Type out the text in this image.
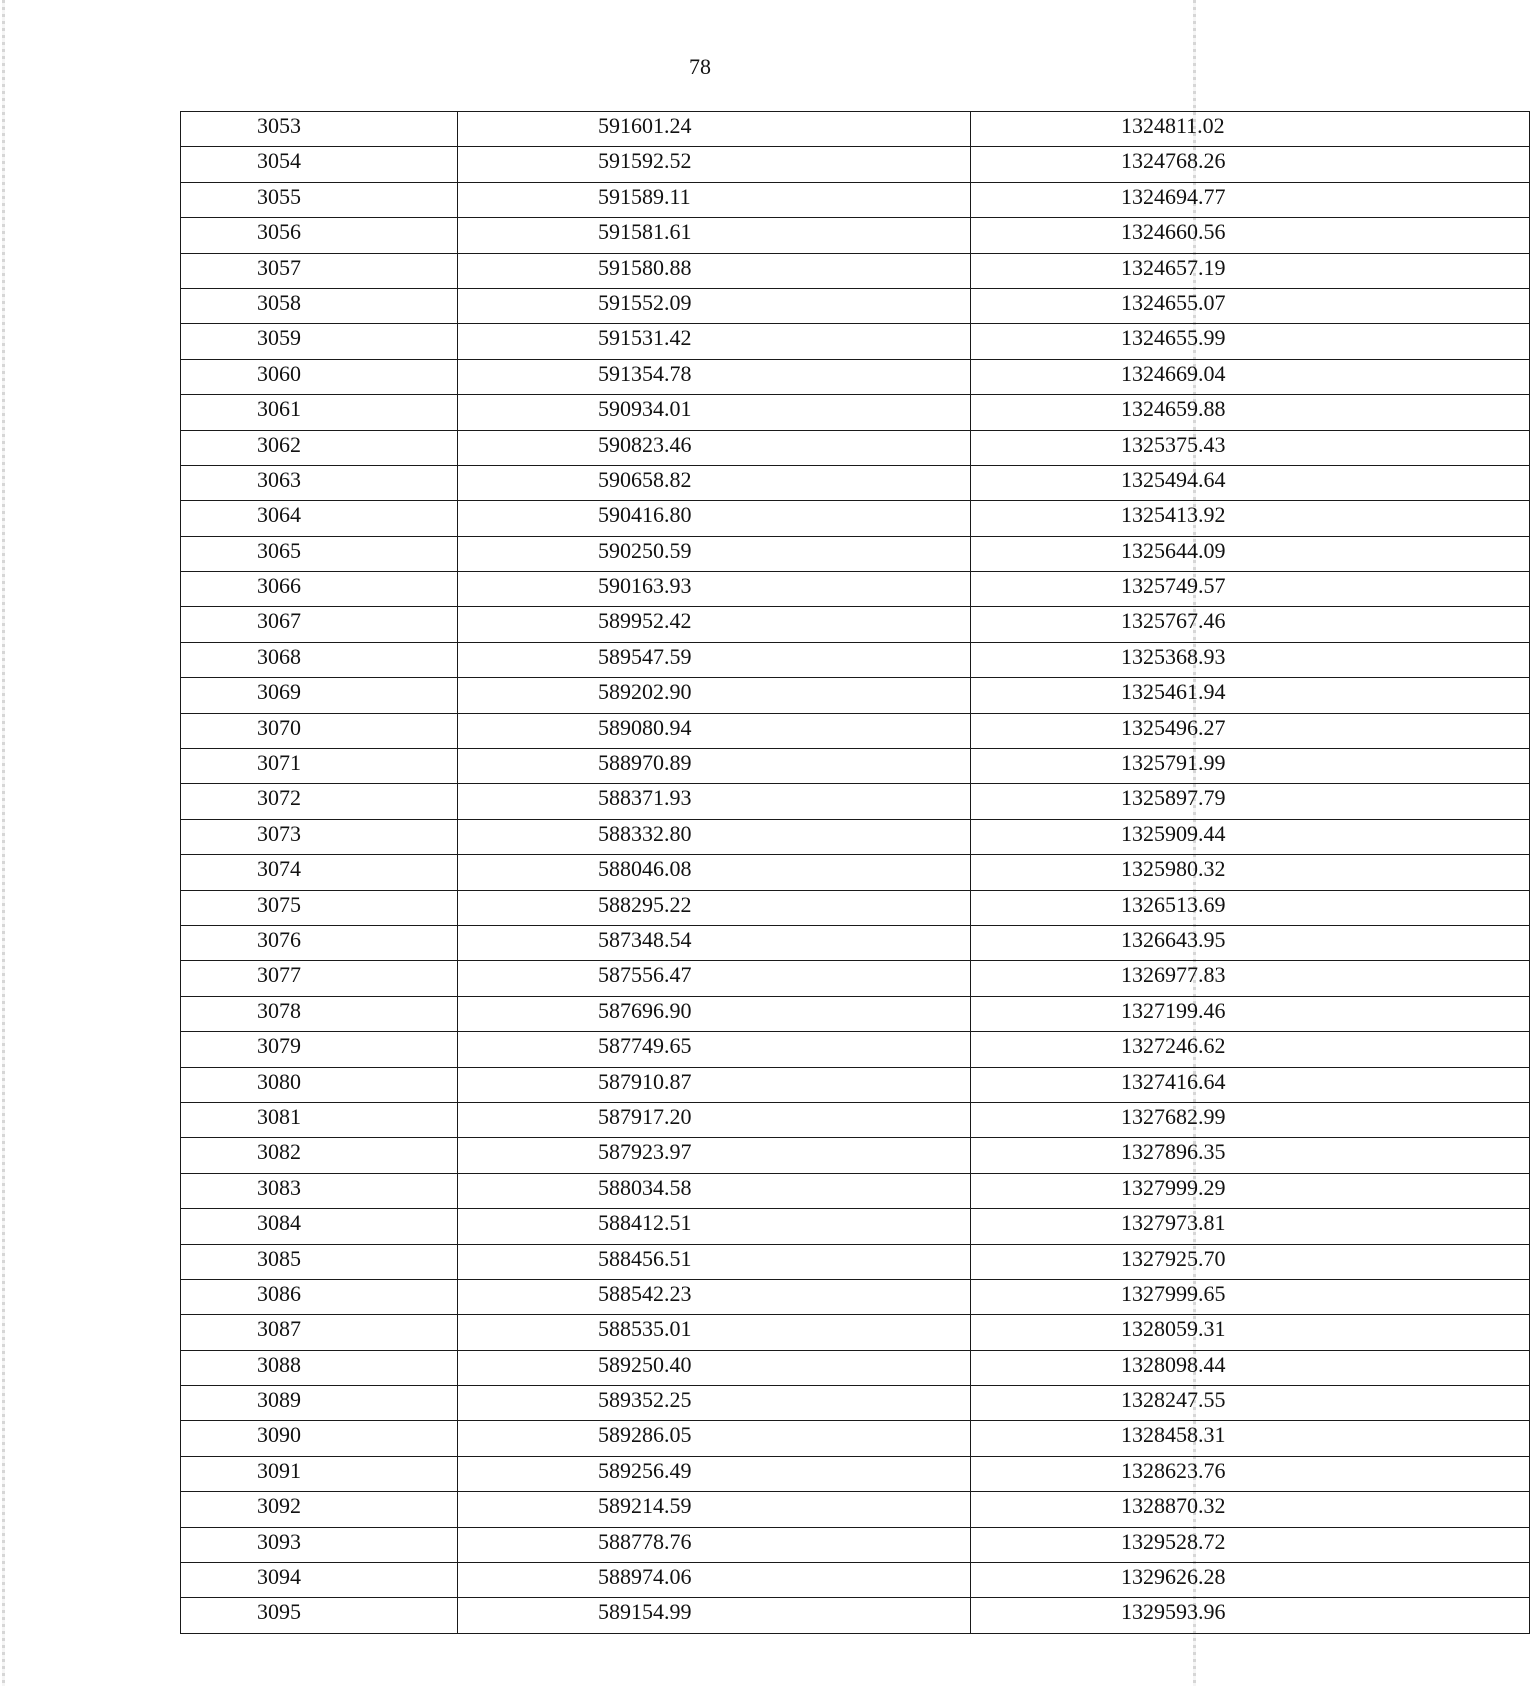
78
3053	591601.24	1324811.02
3054	591592.52	1324768.26
3055	591589.11	1324694.77
3056	591581.61	1324660.56
3057	591580.88	1324657.19
3058	591552.09	1324655.07
3059	591531.42	1324655.99
3060	591354.78	1324669.04
3061	590934.01	1324659.88
3062	590823.46	1325375.43
3063	590658.82	1325494.64
3064	590416.80	1325413.92
3065	590250.59	1325644.09
3066	590163.93	1325749.57
3067	589952.42	1325767.46
3068	589547.59	1325368.93
3069	589202.90	1325461.94
3070	589080.94	1325496.27
3071	588970.89	1325791.99
3072	588371.93	1325897.79
3073	588332.80	1325909.44
3074	588046.08	1325980.32
3075	588295.22	1326513.69
3076	587348.54	1326643.95
3077	587556.47	1326977.83
3078	587696.90	1327199.46
3079	587749.65	1327246.62
3080	587910.87	1327416.64
3081	587917.20	1327682.99
3082	587923.97	1327896.35
3083	588034.58	1327999.29
3084	588412.51	1327973.81
3085	588456.51	1327925.70
3086	588542.23	1327999.65
3087	588535.01	1328059.31
3088	589250.40	1328098.44
3089	589352.25	1328247.55
3090	589286.05	1328458.31
3091	589256.49	1328623.76
3092	589214.59	1328870.32
3093	588778.76	1329528.72
3094	588974.06	1329626.28
3095	589154.99	1329593.96
